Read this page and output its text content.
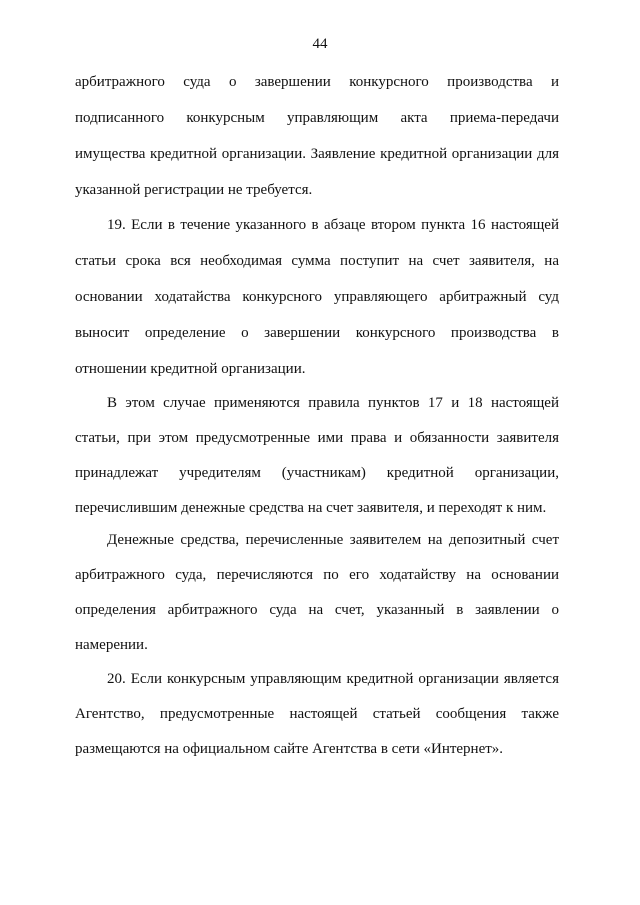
44
арбитражного суда о завершении конкурсного производства и
подписанного конкурсным управляющим акта приема-передачи
имущества кредитной организации. Заявление кредитной организации для
указанной регистрации не требуется.
19. Если в течение указанного в абзаце втором пункта 16 настоящей
статьи срока вся необходимая сумма поступит на счет заявителя, на
основании ходатайства конкурсного управляющего арбитражный суд
выносит определение о завершении конкурсного производства в
отношении кредитной организации.
В этом случае применяются правила пунктов 17 и 18 настоящей
статьи, при этом предусмотренные ими права и обязанности заявителя
принадлежат учредителям (участникам) кредитной организации,
перечислившим денежные средства на счет заявителя, и переходят к ним.
Денежные средства, перечисленные заявителем на депозитный счет
арбитражного суда, перечисляются по его ходатайству на основании
определения арбитражного суда на счет, указанный в заявлении о
намерении.
20. Если конкурсным управляющим кредитной организации является
Агентство, предусмотренные настоящей статьей сообщения также
размещаются на официальном сайте Агентства в сети «Интернет».
